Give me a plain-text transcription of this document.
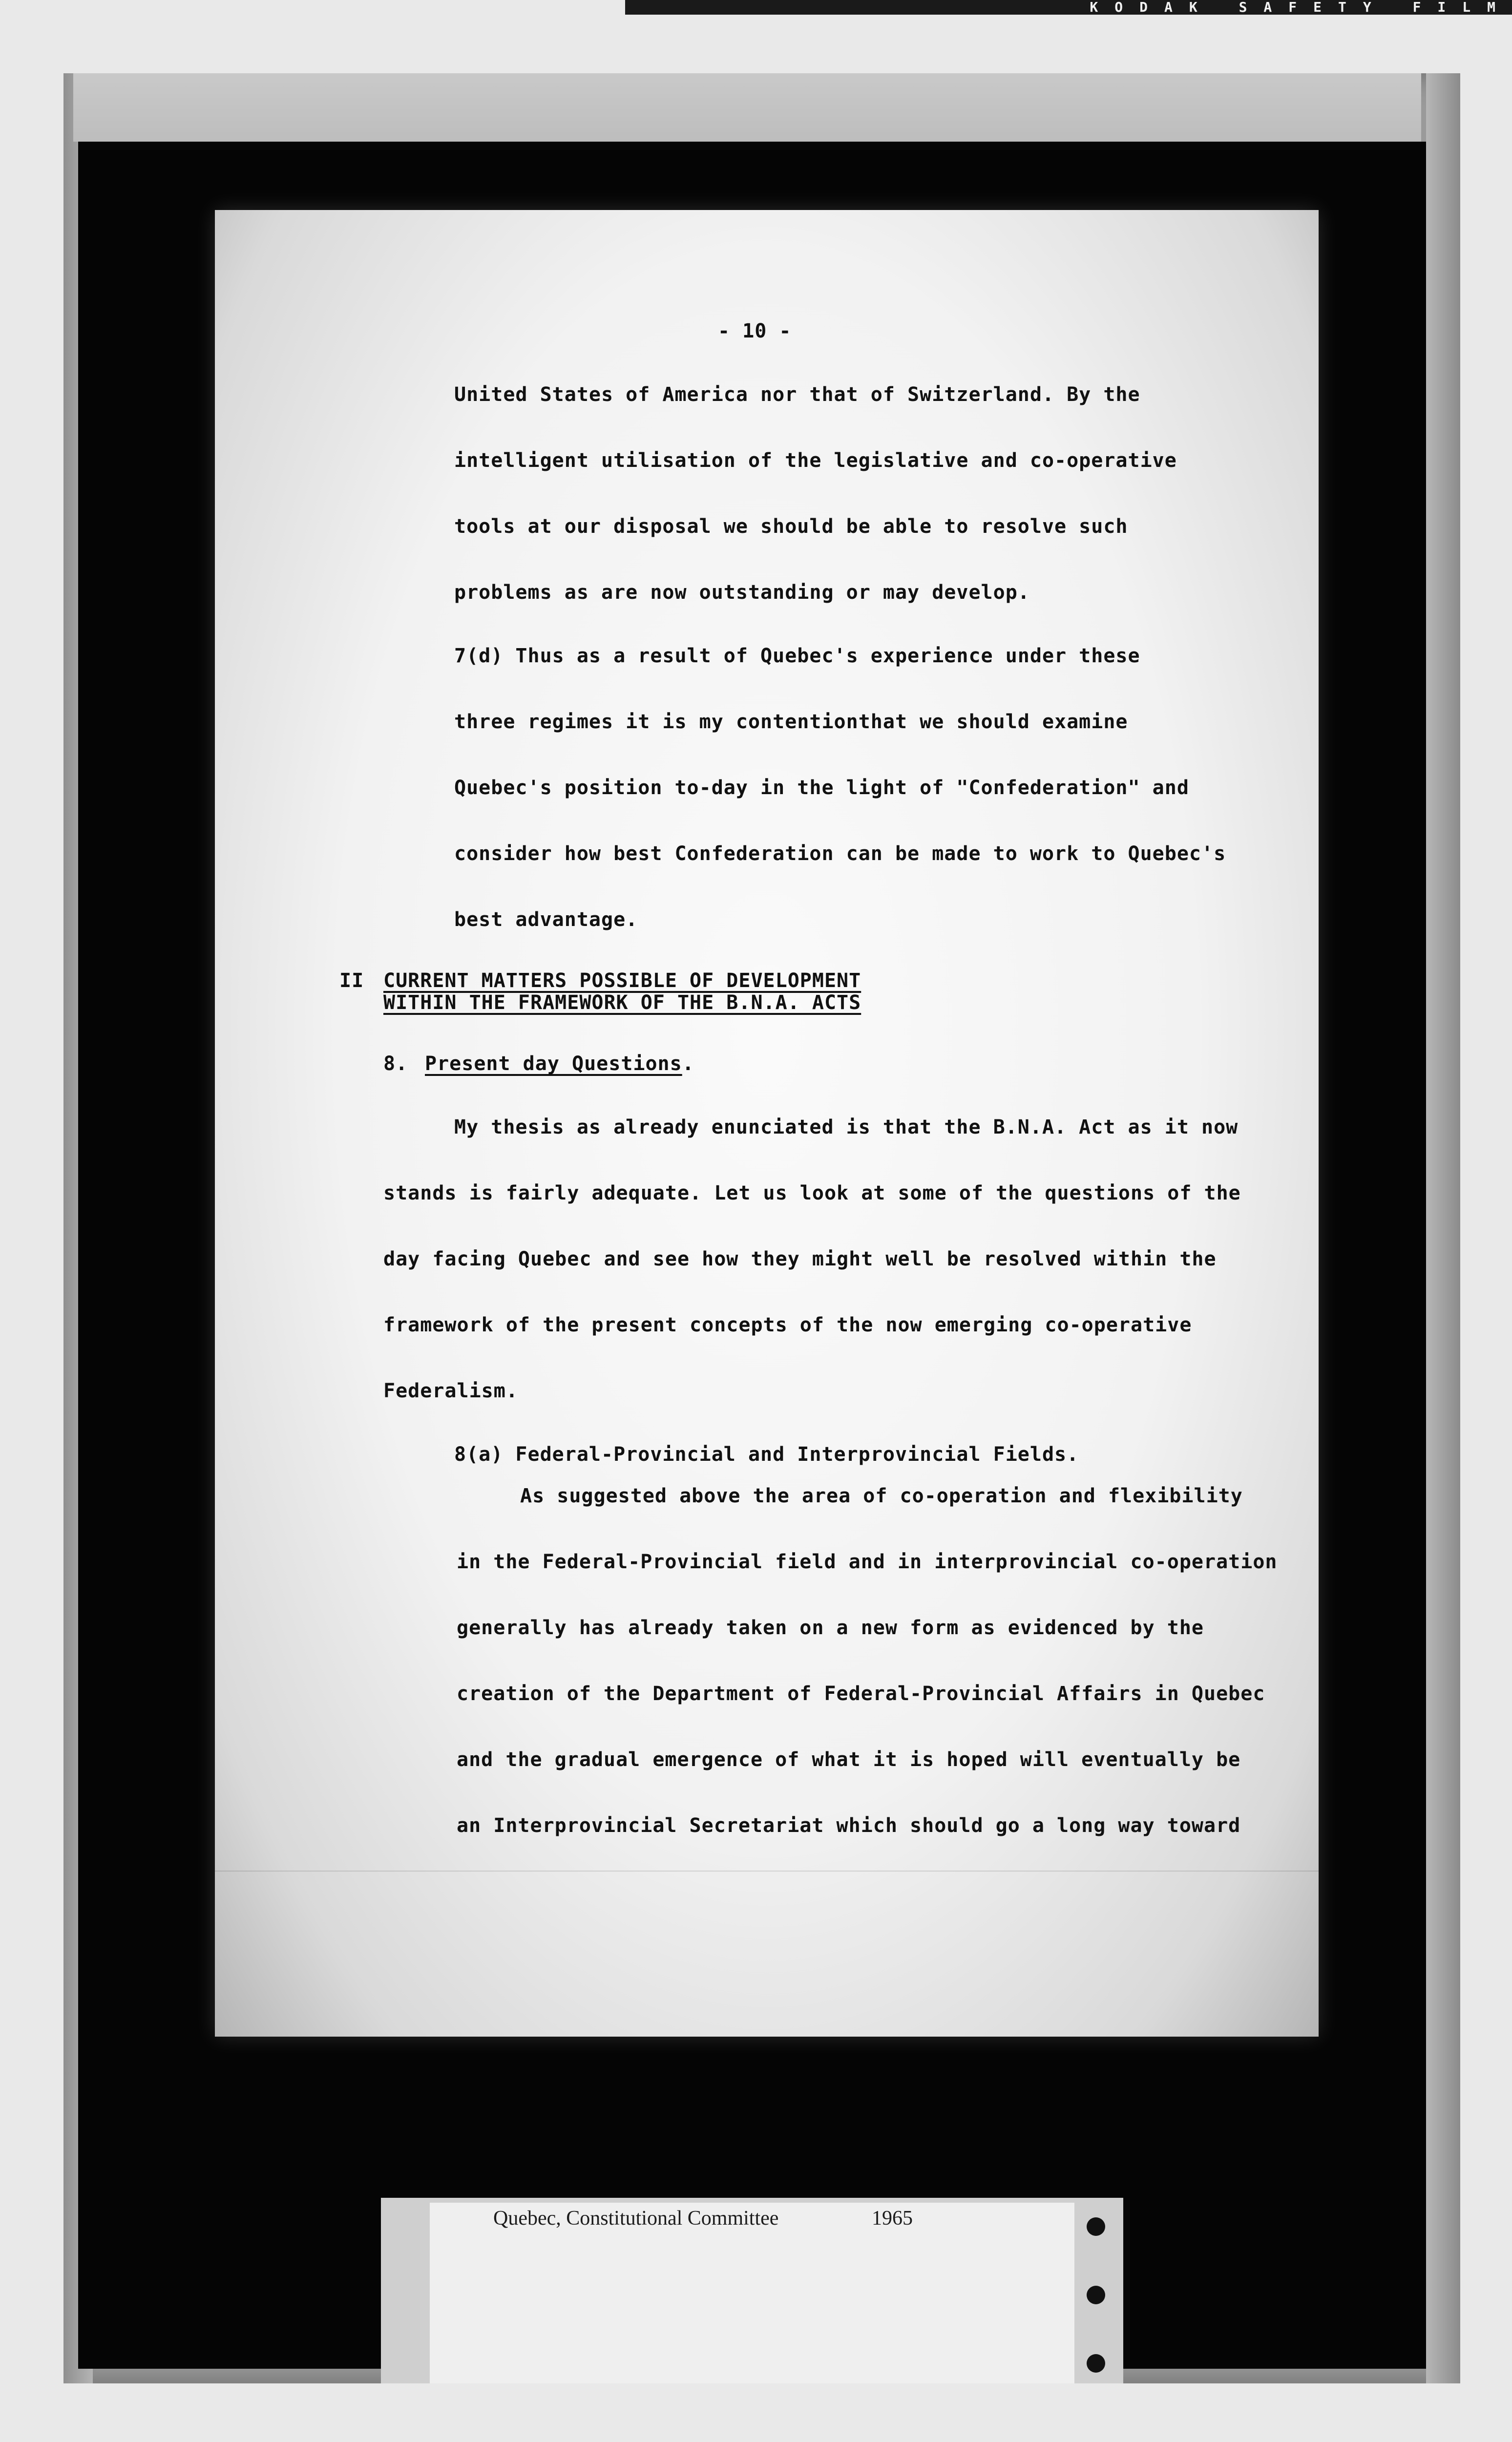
KODAK SAFETY FILM
- 10 -
United States of America nor that of Switzerland. By the
intelligent utilisation of the legislative and co-operative
tools at our disposal we should be able to resolve such
problems as are now outstanding or may develop.
7(d) Thus as a result of Quebec's experience under these
three regimes it is my contentionthat we should examine
Quebec's position to-day in the light of "Confederation" and
consider how best Confederation can be made to work to Quebec's
best advantage.
II CURRENT MATTERS POSSIBLE OF DEVELOPMENT
WITHIN THE FRAMEWORK OF THE B.N.A. ACTS
8. Present day Questions.
My thesis as already enunciated is that the B.N.A. Act as it now
stands is fairly adequate. Let us look at some of the questions of the
day facing Quebec and see how they might well be resolved within the
framework of the present concepts of the now emerging co-operative
Federalism.
8(a) Federal-Provincial and Interprovincial Fields.
As suggested above the area of co-operation and flexibility
in the Federal-Provincial field and in interprovincial co-operation
generally has already taken on a new form as evidenced by the
creation of the Department of Federal-Provincial Affairs in Quebec
and the gradual emergence of what it is hoped will eventually be
an Interprovincial Secretariat which should go a long way toward
Quebec, Constitutional Committee	1965
